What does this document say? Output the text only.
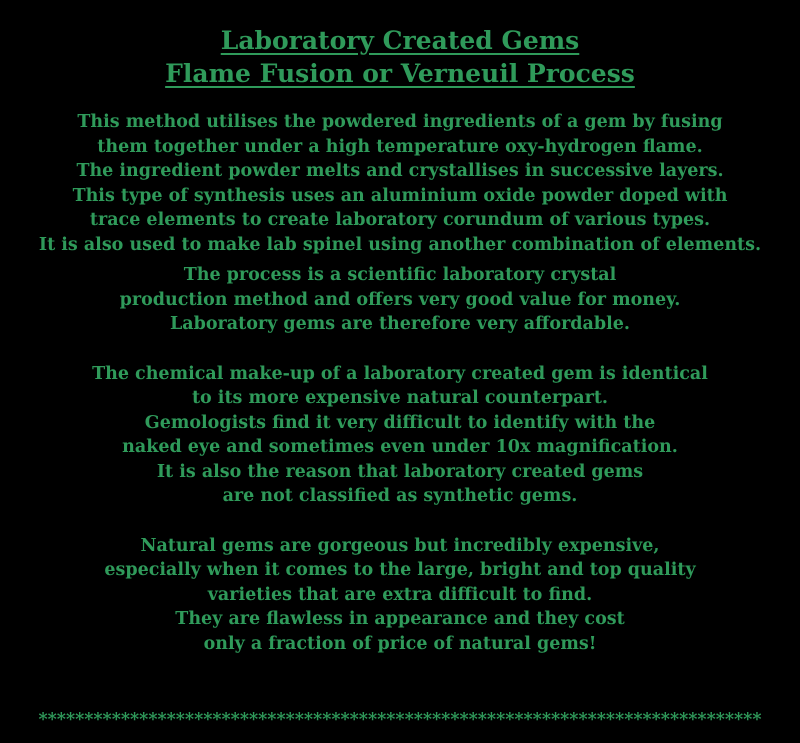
Laboratory Created Gems
Flame Fusion or Verneuil Process

This method utilises the powdered ingredients of a gem by fusing
them together under a high temperature oxy-hydrogen flame.
The ingredient powder melts and crystallises in successive layers.
This type of synthesis uses an aluminium oxide powder doped with
trace elements to create laboratory corundum of various types.
It is also used to make lab spinel using another combination of elements.

The process is a scientific laboratory crystal
production method and offers very good value for money.
Laboratory gems are therefore very affordable.

The chemical make-up of a laboratory created gem is identical
to its more expensive natural counterpart.
Gemologists find it very difficult to identify with the
naked eye and sometimes even under 10x magnification.
It is also the reason that laboratory created gems
are not classified as synthetic gems.

Natural gems are gorgeous but incredibly expensive,
especially when it comes to the large, bright and top quality
varieties that are extra difficult to find.
They are flawless in appearance and they cost
only a fraction of price of natural gems!

*******************************************************************************
